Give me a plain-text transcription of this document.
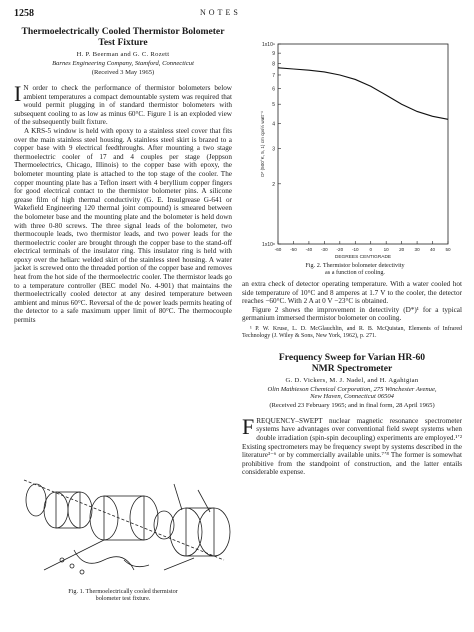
1258	NOTES

Thermoelectrically Cooled Thermistor Bolometer Test Fixture

H. P. Beerman and G. C. Rozett
Barnes Engineering Company, Stamford, Connecticut
(Received 3 May 1965)

I N order to check the performance of thermistor bolometers below ambient temperatures a compact demountable system was required that would permit plugging in of standard thermistor bolometers with subsequent cooling to as low as minus 60°C. Figure 1 is an exploded view of the subsequently built fixture.

A KRS-5 window is held with epoxy to a stainless steel cover that fits over the main stainless steel housing. A stainless steel skirt is brazed to a copper base with 9 electrical feedthroughs. After mounting a two stage thermoelectric cooler of 17 and 4 couples per stage (Jeppson Thermoelectrics, Chicago, Illinois) to the copper base with epoxy, the bolometer mounting plate is attached to the top stage of the cooler. The copper mounting plate has a Teflon insert with 4 beryllium copper fingers for good electrical contact to the thermistor bolometer pins. A silicone grease film of high thermal conductivity (G. E. Insulgrease G-641 or Wakefield Engineering 120 thermal joint compound) is smeared between the bolometer base and the mounting plate and the bolometer is held down with three 0-80 screws. The three signal leads of the bolometer, two thermocouple leads, two thermistor leads, and two power leads for the thermoelectric cooler are brought through the copper base to the stand-off electrical terminals of the insulator ring. This insulator ring is held with epoxy over the heliarc welded skirt of the stainless steel housing. A water jacket is screwed onto the threaded portion of the copper base and removes heat from the hot side of the thermoelectric cooler. The thermistor leads go to a temperature controller (BEC model No. 4-901) that maintains the thermoelectrically cooled detector at any desired temperature between ambient and minus 60°C. Reversal of the dc power leads permits heating of the detector to a safe maximum upper limit of 80°C. The thermocouple permits

Fig. 1. Thermoelectrically cooled thermistor
bolometer test fixture.
1x10⁸
2
3
4
5
6
7
8
9
1x10⁹
-60 -50 -40 -30 -20 -10 0	10 20 30 40 50
DEGREES CENTIGRADE
D* (500°K, 5, 1) cm cps½ watt⁻¹
Fig. 2. Thermistor bolometer detectivity
as a function of cooling.

an extra check of detector operating temperature. With a water cooled hot side temperature of 10°C and 8 amperes at 1.7 V to the cooler, the detector reaches −60°C. With 2 A at 0 V −23°C is obtained.

Figure 2 shows the improvement in detectivity (D*)¹ for a typical germanium immersed thermistor bolometer on cooling.

¹ P. W. Kruse, L. D. McGlauchlin, and R. B. McQuistan, Elements of Infrared Technology (J. Wiley & Sons, New York, 1962), p. 271.

Frequency Sweep for Varian HR-60
NMR Spectrometer

G. D. Vickers, M. J. Nadel, and H. Agahigian
Olin Mathieson Chemical Corporation, 275 Winchester Avenue,
New Haven, Connecticut 06504
(Received 23 February 1965; and in final form, 28 April 1965)

FREQUENCY–SWEPT nuclear magnetic resonance spectrometer systems have advantages over conventional field swept systems when double irradiation (spin-spin decoupling) experiments are employed.¹ʼ² Existing spectrometers may be frequency swept by systems described in the literature³⁻⁶ or by commercially available units.⁷ʼ⁸ The former is somewhat prohibitive from the standpoint of construction, and the latter entails considerable expense.
